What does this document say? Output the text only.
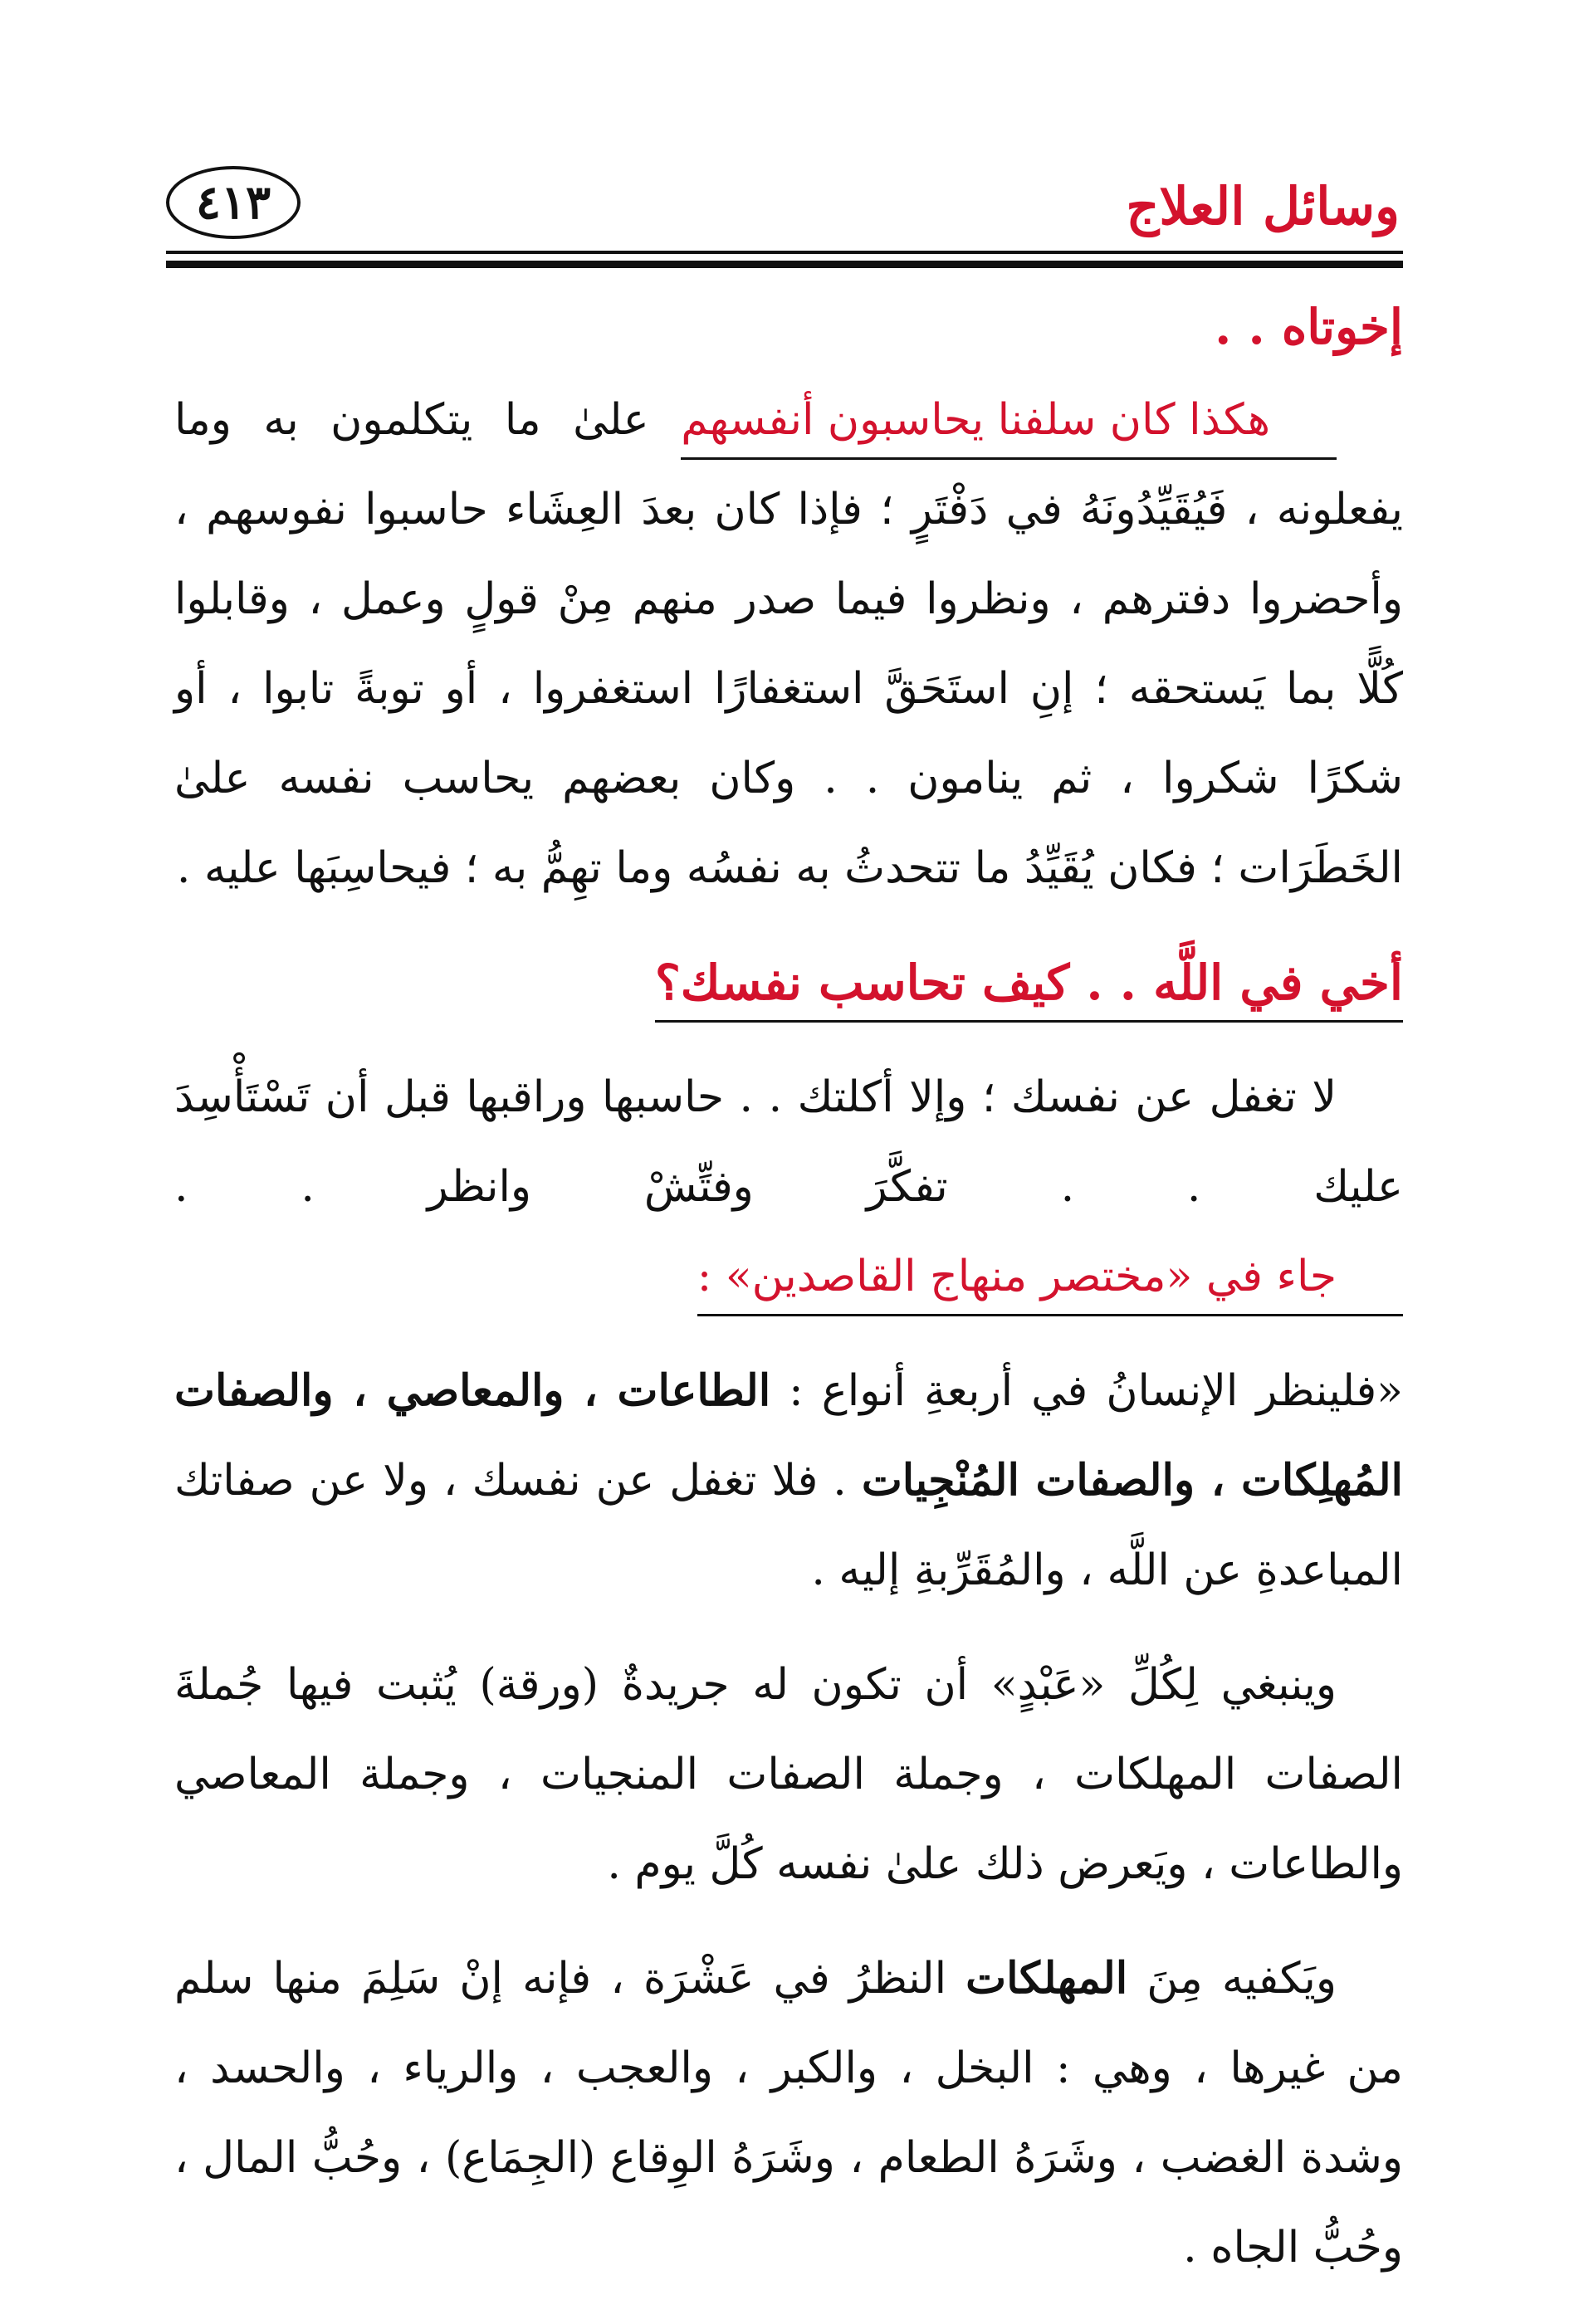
وسائل العلاج
٤١٣

إخوتاه . .

هكذا كان سلفنا يحاسبون أنفسهم علىٰ ما يتكلمون به وما يفعلونه ، فَيُقَيِّدُونَهُ في دَفْتَرٍ ؛ فإذا كان بعدَ العِشَاء حاسبوا نفوسهم ، وأحضروا دفترهم ، ونظروا فيما صدر منهم مِنْ قولٍ وعمل ، وقابلوا كُلًّا بما يَستحقه ؛ إنِ استَحَقَّ استغفارًا استغفروا ، أو توبةً تابوا ، أو شكرًا شكروا ، ثم ينامون . . وكان بعضهم يحاسب نفسه علىٰ الخَطَرَات ؛ فكان يُقَيِّدُ ما تتحدثُ به نفسُه وما تهِمُّ به ؛ فيحاسِبَها عليه .

أخي في اللَّه . . كيف تحاسب نفسك؟

لا تغفل عن نفسك ؛ وإلا أكلتك . . حاسبها وراقبها قبل أن تَسْتَأْسِدَ عليك . . تفكَّرَ وفتِّشْ وانظر . . جاء في «مختصر منهاج القاصدين» :

«فلينظر الإنسانُ في أربعةِ أنواع : الطاعات ، والمعاصي ، والصفات المُهلِكات ، والصفات المُنْجِيات . فلا تغفل عن نفسك ، ولا عن صفاتك المباعدةِ عن اللَّه ، والمُقَرِّبةِ إليه .

وينبغي لِكُلِّ «عَبْدٍ» أن تكون له جريدةٌ (ورقة) يُثبت فيها جُملةَ الصفات المهلكات ، وجملة الصفات المنجيات ، وجملة المعاصي والطاعات ، ويَعرض ذلك علىٰ نفسه كُلَّ يوم .

ويَكفيه مِنَ المهلكات النظرُ في عَشْرَة ، فإنه إنْ سَلِمَ منها سلم من غيرها ، وهي : البخل ، والكبر ، والعجب ، والرياء ، والحسد ، وشدة الغضب ، وشَرَهُ الطعام ، وشَرَهُ الوِقاع (الجِمَاع) ، وحُبُّ المال ، وحُبُّ الجاه .
